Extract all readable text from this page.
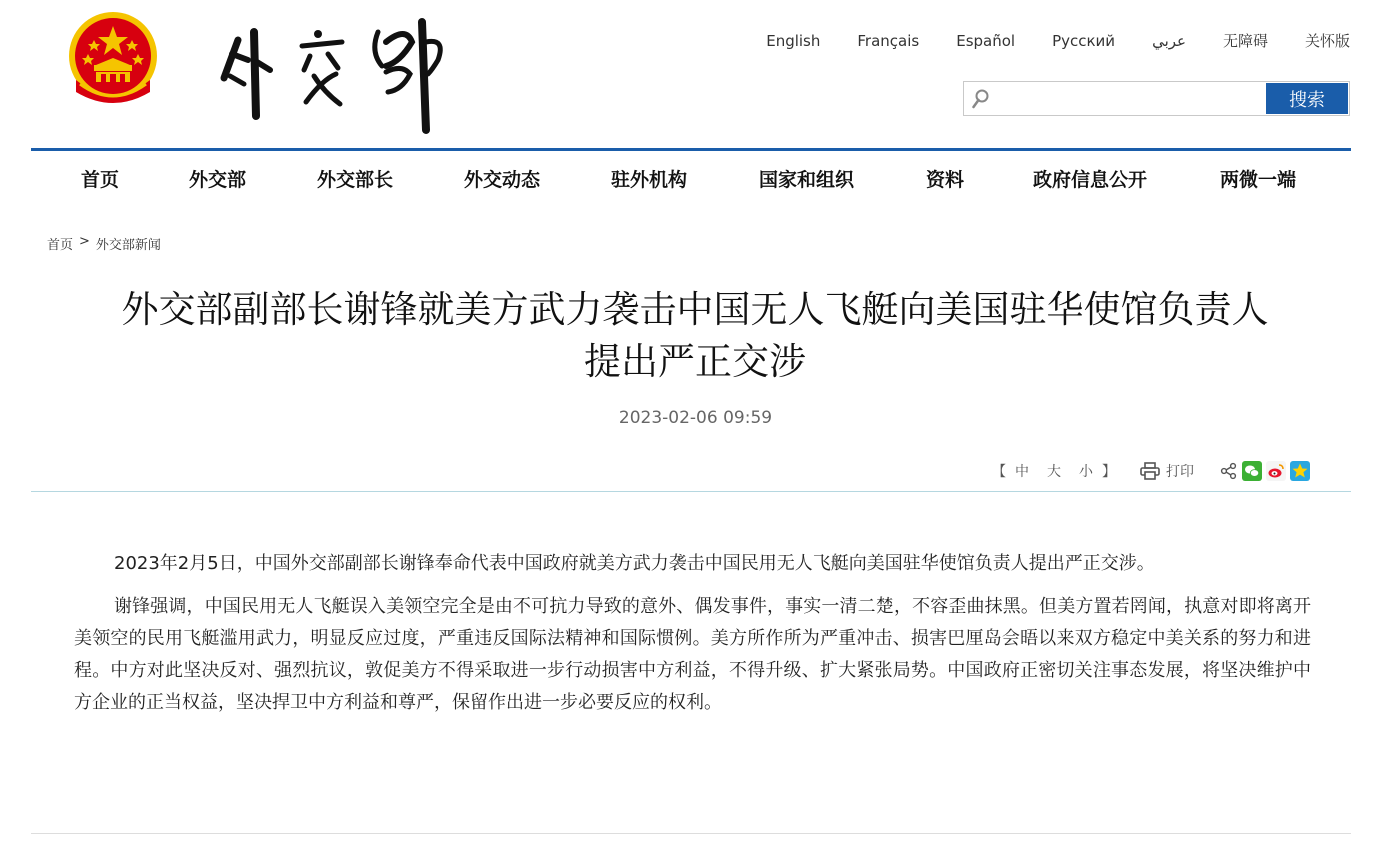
English Français Español Русский عربي 无障碍 关怀版
搜索
首页	外交部	外交部长	外交动态	驻外机构	国家和组织	资料	政府信息公开	两微一端
首页 > 外交部新闻
外交部副部长谢锋就美方武力袭击中国无人飞艇向美国驻华使馆负责人
提出严正交涉
2023-02-06 09:59
【 中 大 小 】	打印

2023年2月5日，中国外交部副部长谢锋奉命代表中国政府就美方武力袭击中国民用无人飞艇向美国驻华使馆负责人提出严正交涉。

谢锋强调，中国民用无人飞艇误入美领空完全是由不可抗力导致的意外、偶发事件，事实一清二楚，不容歪曲抹黑。但美方置若罔闻，执意对即将离开美领空的民用飞艇滥用武力，明显反应过度，严重违反国际法精神和国际惯例。美方所作所为严重冲击、损害巴厘岛会晤以来双方稳定中美关系的努力和进程。中方对此坚决反对、强烈抗议，敦促美方不得采取进一步行动损害中方利益，不得升级、扩大紧张局势。中国政府正密切关注事态发展，将坚决维护中方企业的正当权益，坚决捍卫中方利益和尊严，保留作出进一步必要反应的权利。
